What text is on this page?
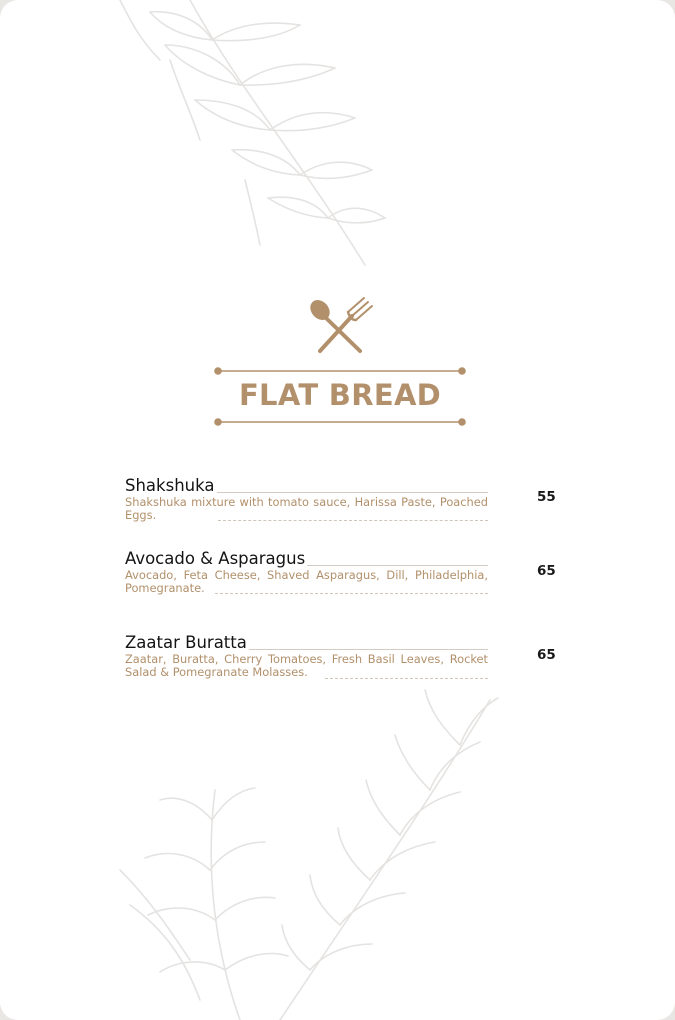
FLAT BREAD
Shakshuka

Shakshuka mixture with tomato sauce, Harissa Paste, Poached Eggs.

55
Avocado & Asparagus

Avocado, Feta Cheese, Shaved Asparagus, Dill, Philadelphia, Pomegranate.

65
Zaatar Buratta

Zaatar, Buratta, Cherry Tomatoes, Fresh Basil Leaves, Rocket Salad & Pomegranate Molasses.

65
